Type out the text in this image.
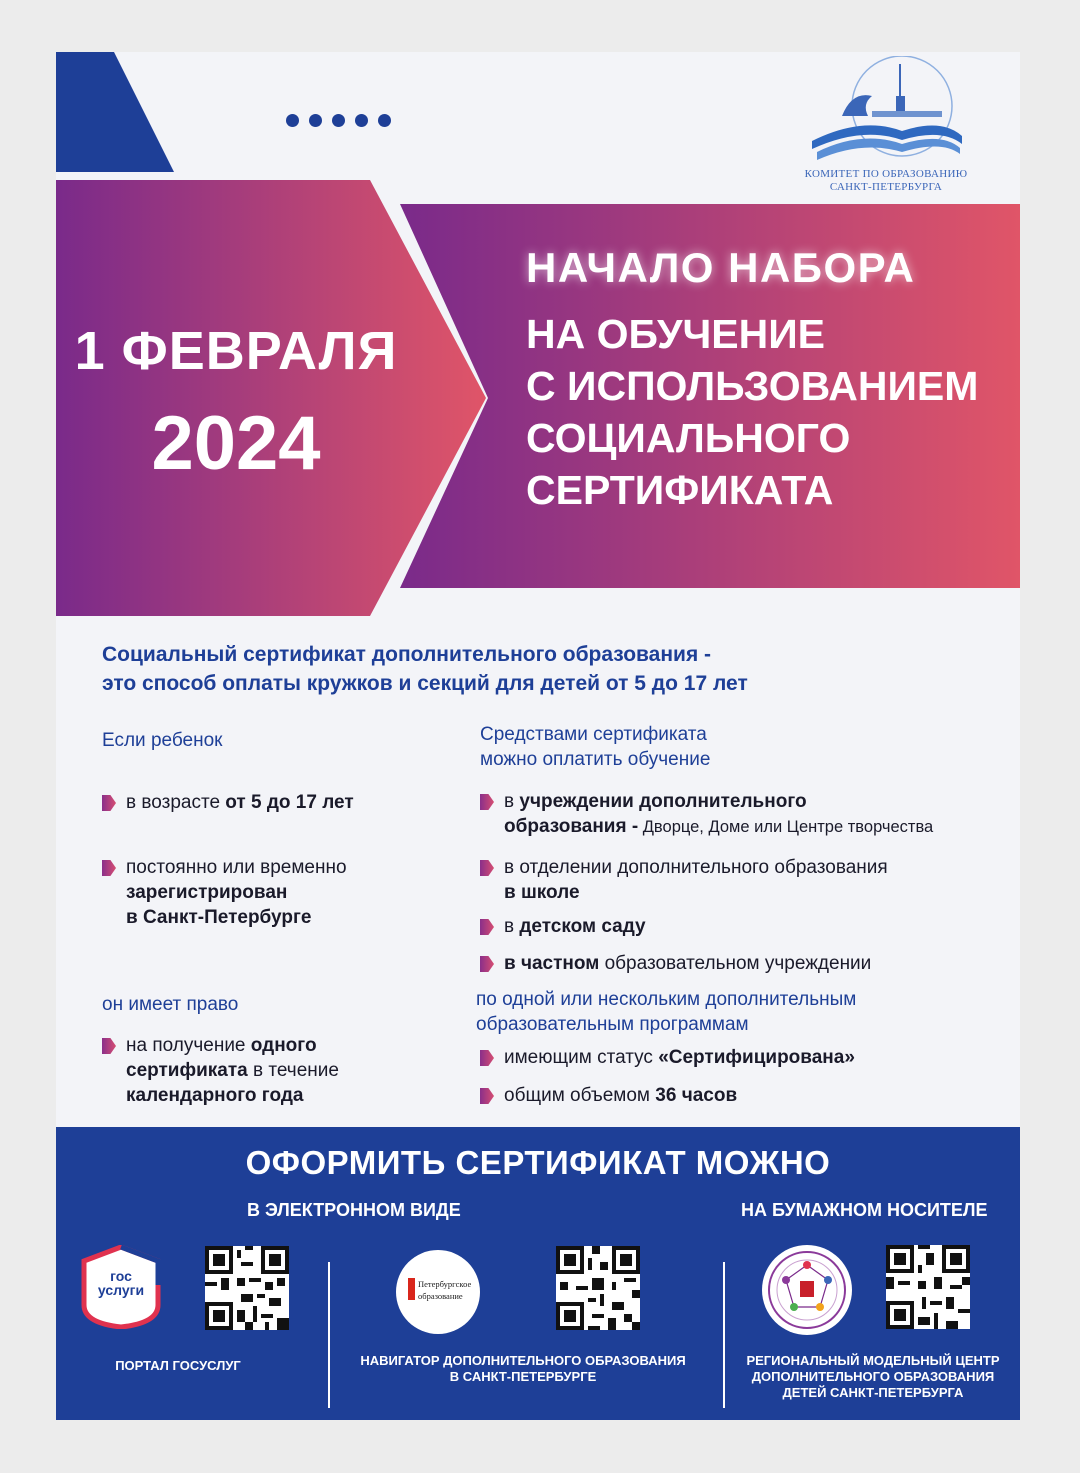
КОМИТЕТ ПО ОБРАЗОВАНИЮ
САНКТ-ПЕТЕРБУРГА
1 ФЕВРАЛЯ
2024
НАЧАЛО НАБОРА
НА ОБУЧЕНИЕ
С ИСПОЛЬЗОВАНИЕМ
СОЦИАЛЬНОГО
СЕРТИФИКАТА
Социальный сертификат дополнительного образования -
это способ оплаты кружков и секций для детей от 5 до 17 лет
Если ребенок
в возрасте от 5 до 17 лет
постоянно или временно
зарегистрирован
в Санкт-Петербурге
он имеет право
на получение одного
сертификата в течение
календарного года
Средствами сертификата
можно оплатить обучение
в учреждении дополнительного
образования - Дворце, Доме или Центре творчества
в отделении дополнительного образования
в школе
в детском саду
в частном образовательном учреждении
по одной или нескольким дополнительным
образовательным программам
имеющим статус «Сертифицирована»
общим объемом 36 часов
ОФОРМИТЬ СЕРТИФИКАТ МОЖНО
В ЭЛЕКТРОННОМ ВИДЕ	НА БУМАЖНОМ НОСИТЕЛЕ
гос
услуги
ПОРТАЛ ГОСУСЛУГ
Петербургское
образование
НАВИГАТОР ДОПОЛНИТЕЛЬНОГО ОБРАЗОВАНИЯ
В САНКТ-ПЕТЕРБУРГЕ
РЕГИОНАЛЬНЫЙ МОДЕЛЬНЫЙ ЦЕНТР
ДОПОЛНИТЕЛЬНОГО ОБРАЗОВАНИЯ
ДЕТЕЙ САНКТ-ПЕТЕРБУРГА
